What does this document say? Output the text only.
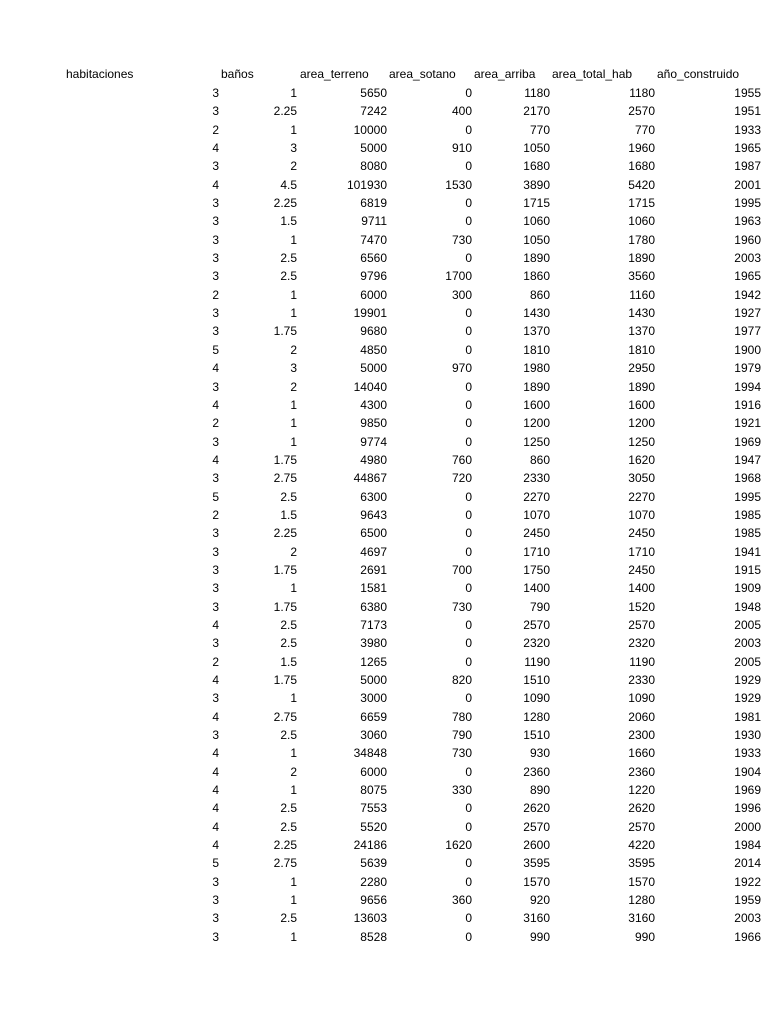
	habitaciones	baños	area_terreno	area_sotano	area_arriba	area_total_hab	año_construido
	3	1	5650	0	1180	1180	1955
	3	2.25	7242	400	2170	2570	1951
	2	1	10000	0	770	770	1933
	4	3	5000	910	1050	1960	1965
	3	2	8080	0	1680	1680	1987
	4	4.5	101930	1530	3890	5420	2001
	3	2.25	6819	0	1715	1715	1995
	3	1.5	9711	0	1060	1060	1963
	3	1	7470	730	1050	1780	1960
	3	2.5	6560	0	1890	1890	2003
	3	2.5	9796	1700	1860	3560	1965
	2	1	6000	300	860	1160	1942
	3	1	19901	0	1430	1430	1927
	3	1.75	9680	0	1370	1370	1977
	5	2	4850	0	1810	1810	1900
	4	3	5000	970	1980	2950	1979
	3	2	14040	0	1890	1890	1994
	4	1	4300	0	1600	1600	1916
	2	1	9850	0	1200	1200	1921
	3	1	9774	0	1250	1250	1969
	4	1.75	4980	760	860	1620	1947
	3	2.75	44867	720	2330	3050	1968
	5	2.5	6300	0	2270	2270	1995
	2	1.5	9643	0	1070	1070	1985
	3	2.25	6500	0	2450	2450	1985
	3	2	4697	0	1710	1710	1941
	3	1.75	2691	700	1750	2450	1915
	3	1	1581	0	1400	1400	1909
	3	1.75	6380	730	790	1520	1948
	4	2.5	7173	0	2570	2570	2005
	3	2.5	3980	0	2320	2320	2003
	2	1.5	1265	0	1190	1190	2005
	4	1.75	5000	820	1510	2330	1929
	3	1	3000	0	1090	1090	1929
	4	2.75	6659	780	1280	2060	1981
	3	2.5	3060	790	1510	2300	1930
	4	1	34848	730	930	1660	1933
	4	2	6000	0	2360	2360	1904
	4	1	8075	330	890	1220	1969
	4	2.5	7553	0	2620	2620	1996
	4	2.5	5520	0	2570	2570	2000
	4	2.25	24186	1620	2600	4220	1984
	5	2.75	5639	0	3595	3595	2014
	3	1	2280	0	1570	1570	1922
	3	1	9656	360	920	1280	1959
	3	2.5	13603	0	3160	3160	2003
	3	1	8528	0	990	990	1966
